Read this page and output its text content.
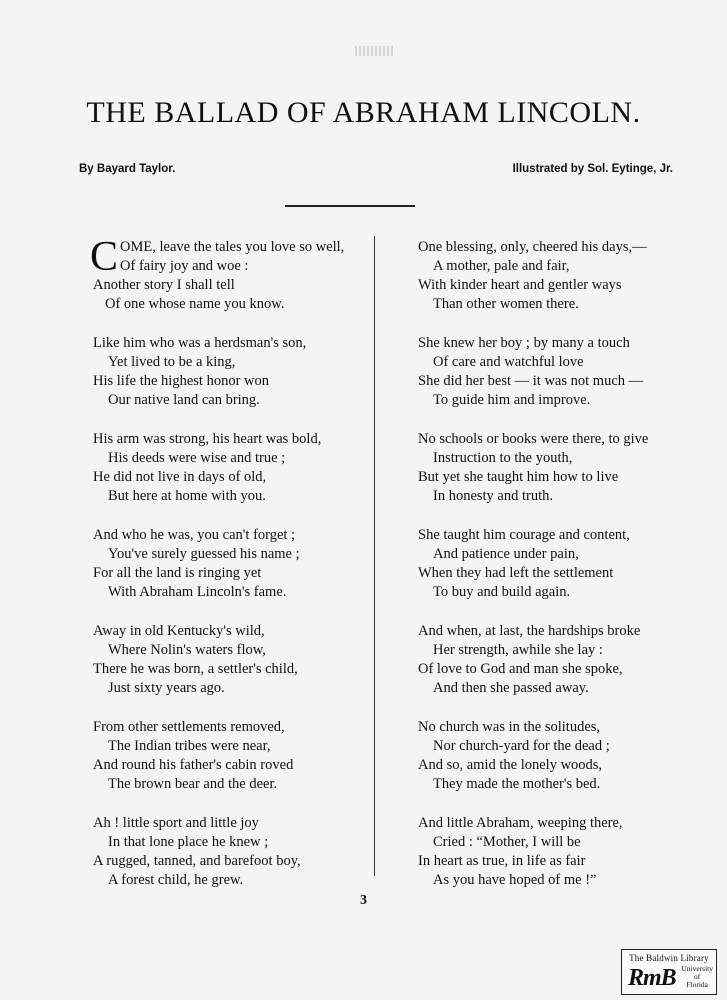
THE BALLAD OF ABRAHAM LINCOLN.
By Bayard Taylor.	Illustrated by Sol. Eytinge, Jr.
C OME, leave the tales you love so well,
Of fairy joy and woe :
Another story I shall tell
Of one whose name you know.
Like him who was a herdsman's son,
Yet lived to be a king,
His life the highest honor won
Our native land can bring.
His arm was strong, his heart was bold,
His deeds were wise and true ;
He did not live in days of old,
But here at home with you.
And who he was, you can't forget ;
You've surely guessed his name ;
For all the land is ringing yet
With Abraham Lincoln's fame.
Away in old Kentucky's wild,
Where Nolin's waters flow,
There he was born, a settler's child,
Just sixty years ago.
From other settlements removed,
The Indian tribes were near,
And round his father's cabin roved
The brown bear and the deer.
Ah ! little sport and little joy
In that lone place he knew ;
A rugged, tanned, and barefoot boy,
A forest child, he grew.
One blessing, only, cheered his days,—
A mother, pale and fair,
With kinder heart and gentler ways
Than other women there.
She knew her boy ; by many a touch
Of care and watchful love
She did her best — it was not much —
To guide him and improve.
No schools or books were there, to give
Instruction to the youth,
But yet she taught him how to live
In honesty and truth.
She taught him courage and content,
And patience under pain,
When they had left the settlement
To buy and build again.
And when, at last, the hardships broke
Her strength, awhile she lay :
Of love to God and man she spoke,
And then she passed away.
No church was in the solitudes,
Nor church-yard for the dead ;
And so, amid the lonely woods,
They made the mother's bed.
And little Abraham, weeping there,
Cried : “Mother, I will be
In heart as true, in life as fair
As you have hoped of me !”
3
The Baldwin Library
RmB University
of
Florida
